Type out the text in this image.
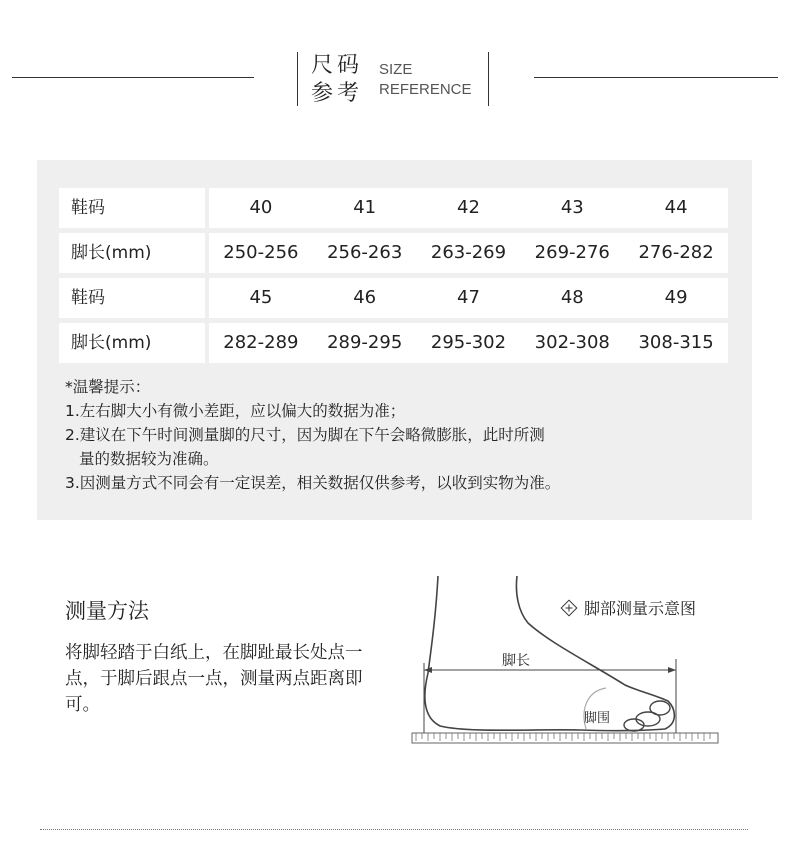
尺码
参考
SIZE
REFERENCE
鞋码	40	41	42	43	44
脚长(mm)	250-256	256-263	263-269	269-276	276-282
鞋码	45	46	47	48	49
脚长(mm)	282-289	289-295	295-302	302-308	308-315
*温馨提示：
1.左右脚大小有微小差距，应以偏大的数据为准；
2.建议在下午时间测量脚的尺寸，因为脚在下午会略微膨胀，此时所测
量的数据较为准确。
3.因测量方式不同会有一定误差，相关数据仅供参考，以收到实物为准。
测量方法
将脚轻踏于白纸上，在脚趾最长处点一点，于脚后跟点一点，测量两点距离即可。
脚部测量示意图
脚长
脚围
